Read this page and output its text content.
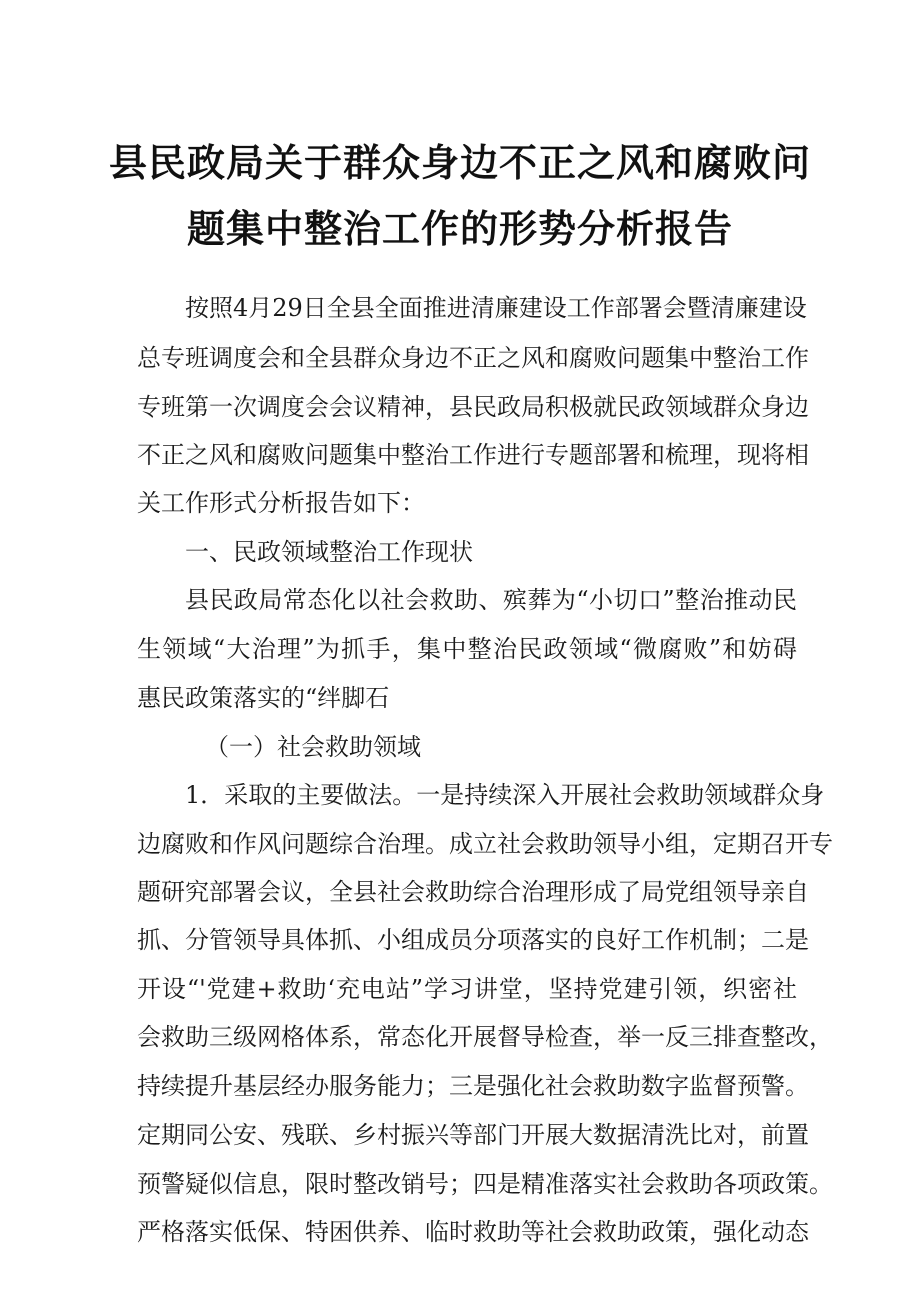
县民政局关于群众身边不正之风和腐败问
题集中整治工作的形势分析报告
按照4月29日全县全面推进清廉建设工作部署会暨清廉建设
总专班调度会和全县群众身边不正之风和腐败问题集中整治工作
专班第一次调度会会议精神，县民政局积极就民政领域群众身边
不正之风和腐败问题集中整治工作进行专题部署和梳理，现将相
关工作形式分析报告如下：
一、民政领域整治工作现状
县民政局常态化以社会救助、殡葬为“小切口”整治推动民
生领域“大治理”为抓手，集中整治民政领域“微腐败”和妨碍
惠民政策落实的“绊脚石
（一）社会救助领域
1．采取的主要做法。一是持续深入开展社会救助领域群众身
边腐败和作风问题综合治理。成立社会救助领导小组，定期召开专
题研究部署会议，全县社会救助综合治理形成了局党组领导亲自
抓、分管领导具体抓、小组成员分项落实的良好工作机制；二是
开设“'党建+救助‘充电站”学习讲堂，坚持党建引领，织密社
会救助三级网格体系，常态化开展督导检查，举一反三排查整改，
持续提升基层经办服务能力；三是强化社会救助数字监督预警。
定期同公安、残联、乡村振兴等部门开展大数据清洗比对，前置
预警疑似信息，限时整改销号；四是精准落实社会救助各项政策。
严格落实低保、特困供养、临时救助等社会救助政策，强化动态
